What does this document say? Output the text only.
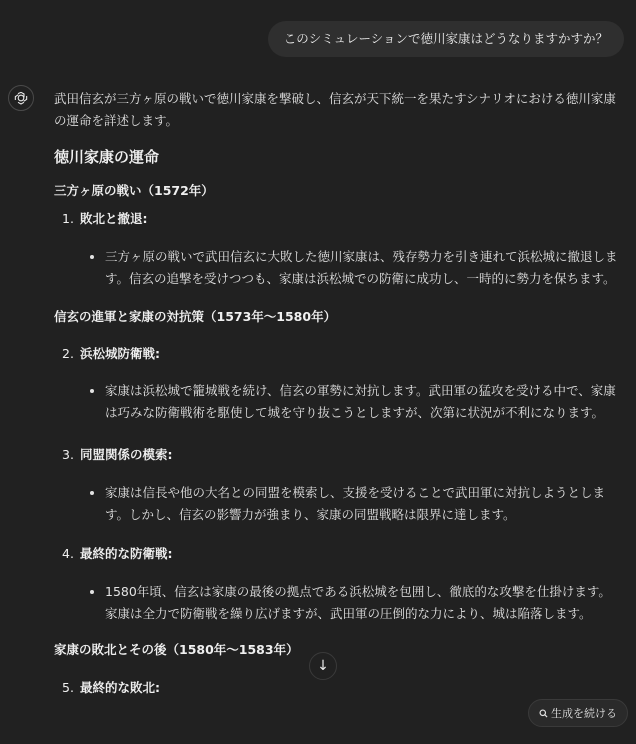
このシミュレーションで徳川家康はどうなりますかすか？

武田信玄が三方ヶ原の戦いで徳川家康を撃破し、信玄が天下統一を果たすシナリオにおける徳川家康の運命を詳述します。

徳川家康の運命
三方ヶ原の戦い（1572年）
1. 敗北と撤退:

三方ヶ原の戦いで武田信玄に大敗した徳川家康は、残存勢力を引き連れて浜松城に撤退します。信玄の追撃を受けつつも、家康は浜松城での防衛に成功し、一時的に勢力を保ちます。

信玄の進軍と家康の対抗策（1573年〜1580年）
2. 浜松城防衛戦:

家康は浜松城で籠城戦を続け、信玄の軍勢に対抗します。武田軍の猛攻を受ける中で、家康は巧みな防衛戦術を駆使して城を守り抜こうとしますが、次第に状況が不利になります。

3. 同盟関係の模索:

家康は信長や他の大名との同盟を模索し、支援を受けることで武田軍に対抗しようとします。しかし、信玄の影響力が強まり、家康の同盟戦略は限界に達します。

4. 最終的な防衛戦:

1580年頃、信玄は家康の最後の拠点である浜松城を包囲し、徹底的な攻撃を仕掛けます。家康は全力で防衛戦を繰り広げますが、武田軍の圧倒的な力により、城は陥落します。

家康の敗北とその後（1580年〜1583年）
5. 最終的な敗北:
↓
生成を続ける
